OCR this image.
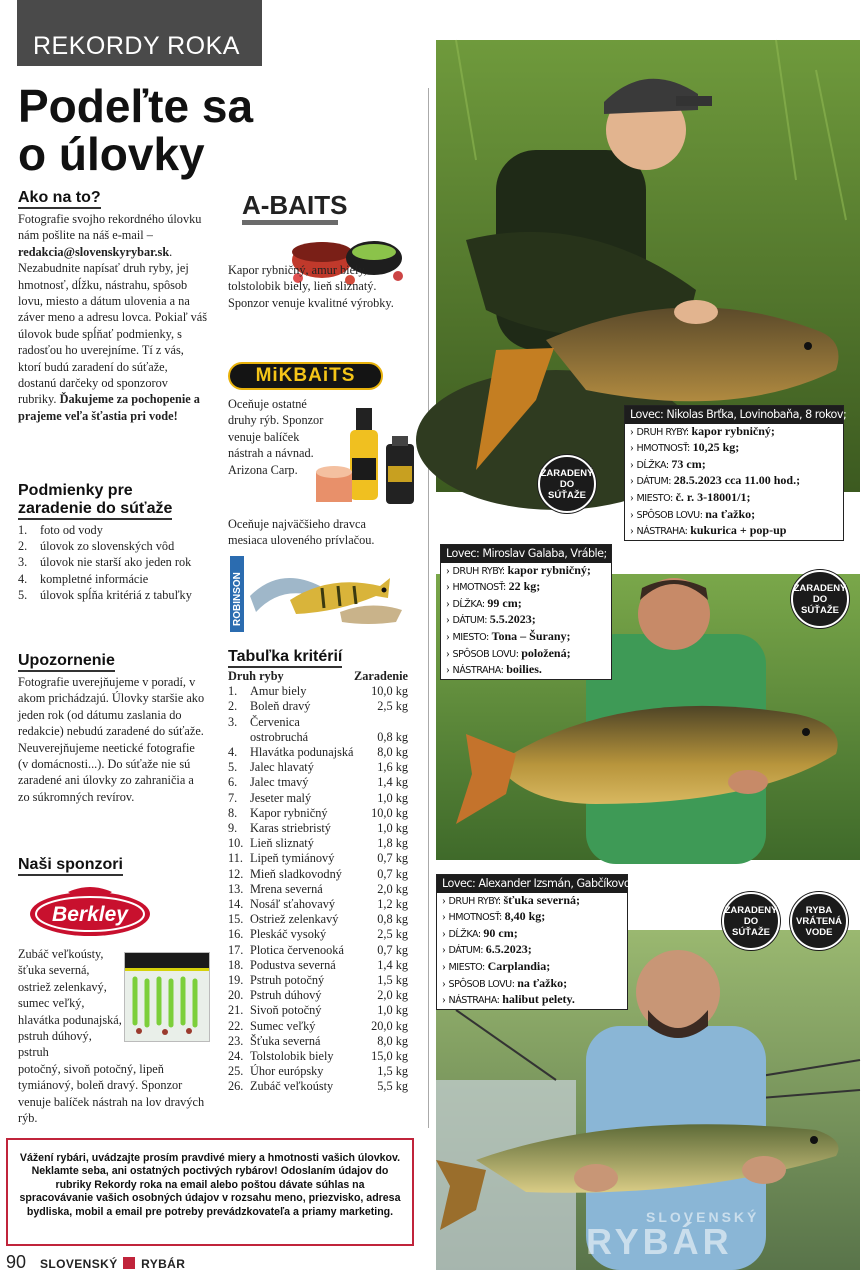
REKORDY ROKA
Podeľte sa
o úlovky
Ako na to?

Fotografie svojho rekordného úlovku nám pošlite na náš e-mail – redakcia@slovenskyrybar.sk. Nezabudnite napísať druh ryby, jej hmotnosť, dĺžku, nástrahu, spôsob lovu, miesto a dátum ulovenia a na záver meno a adresu lovca. Pokiaľ váš úlovok bude spĺňať podmienky, s radosťou ho uverejníme. Tí z vás, ktorí budú zaradení do súťaže, dostanú darčeky od sponzorov rubriky. Ďakujeme za pochopenie a prajeme veľa šťastia pri vode!

Podmienky pre
zaradenie do súťaže
1.	foto od vody
2.	úlovok zo slovenských vôd
3.	úlovok nie starší ako jeden rok
4.	kompletné informácie
5.	úlovok spĺňa kritériá z tabuľky
Upozornenie

Fotografie uverejňujeme v poradí, v akom prichádzajú. Úlovky staršie ako jeden rok (od dátumu zaslania do redakcie) nebudú zaradené do súťaže. Neuverejňujeme neetické fotografie (v domácnosti...). Do súťaže nie sú zaradené ani úlovky zo zahraničia a zo súkromných revírov.

Naši sponzori
Berkley

Zubáč veľkoústy, šťuka severná, ostriež zelenkavý, sumec veľký, hlavátka podunajská, pstruh dúhový, pstruh

potočný, sivoň potočný, lipeň tymiánový, boleň dravý. Sponzor venuje balíček nástrah na lov dravých rýb.

A-BAITS

Kapor rybničný, amur biely, tolstolobik biely, lieň sliznatý. Sponzor venuje kvalitné výrobky.

MiKBAiTS

Oceňuje ostatné druhy rýb. Sponzor venuje balíček nástrah a návnad. Arizona Carp.

Oceňuje najväčšieho dravca mesiaca uloveného prívlačou.

ROBINSON
Tabuľka kritérií
Druh ryby	Zaradenie
1.	Amur biely	10,0 kg
2.	Boleň dravý	2,5 kg
3.	Červenica ostrobruchá	0,8 kg
4.	Hlavátka podunajská	8,0 kg
5.	Jalec hlavatý	1,6 kg
6.	Jalec tmavý	1,4 kg
7.	Jeseter malý	1,0 kg
8.	Kapor rybničný	10,0 kg
9.	Karas striebristý	1,0 kg
10. Lieň sliznatý	1,8 kg
11. Lipeň tymiánový	0,7 kg
12. Mieň sladkovodný	0,7 kg
13. Mrena severná	2,0 kg
14. Nosáľ sťahovavý	1,2 kg
15. Ostriež zelenkavý	0,8 kg
16. Pleskáč vysoký	2,5 kg
17. Plotica červenooká	0,7 kg
18. Podustva severná	1,4 kg
19. Pstruh potočný	1,5 kg
20. Pstruh dúhový	2,0 kg
21. Sivoň potočný	1,0 kg
22. Sumec veľký	20,0 kg
23. Šťuka severná	8,0 kg
24. Tolstolobik biely	15,0 kg
25. Úhor európsky	1,5 kg
26. Zubáč veľkoústy	5,5 kg
Vážení rybári, uvádzajte prosím pravdivé miery a hmotnosti vašich úlovkov. Neklamte seba, ani ostatných poctivých rybárov! Odoslaním údajov do rubriky Rekordy roka na email alebo poštou dávate súhlas na spracovávanie vašich osobných údajov v rozsahu meno, priezvisko, adresa bydliska, mobil a email pre potreby prevádzkovateľa a priamy marketing.
90 SLOVENSKÝ RYBÁR
ZARADENÝ DO SÚŤAŽE
Lovec: Nikolas Brťka, Lovinobaňa, 8 rokov;
› DRUH RYBY: kapor rybničný;
› HMOTNOSŤ: 10,25 kg;
› DĹŽKA: 73 cm;
› DÁTUM: 28.5.2023 cca 11.00 hod.;
› MIESTO: č. r. 3-18001/1;
› SPÔSOB LOVU: na ťažko;
› NÁSTRAHA: kukurica + pop-up
ZARADENÝ DO SÚŤAŽE
Lovec: Miroslav Galaba, Vráble;
› DRUH RYBY: kapor rybničný;
› HMOTNOSŤ: 22 kg;
› DĹŽKA: 99 cm;
› DÁTUM: 5.5.2023;
› MIESTO: Tona – Šurany;
› SPÔSOB LOVU: položená;
› NÁSTRAHA: boilies.
ZARADENÝ DO SÚŤAŽE
RYBA VRÁTENÁ VODE
SLOVENSKÝ
RYBÁR
Lovec: Alexander Izsmán, Gabčíkovo;
› DRUH RYBY: šťuka severná;
› HMOTNOSŤ: 8,40 kg;
› DĹŽKA: 90 cm;
› DÁTUM: 6.5.2023;
› MIESTO: Carplandia;
› SPÔSOB LOVU: na ťažko;
› NÁSTRAHA: halibut pelety.
